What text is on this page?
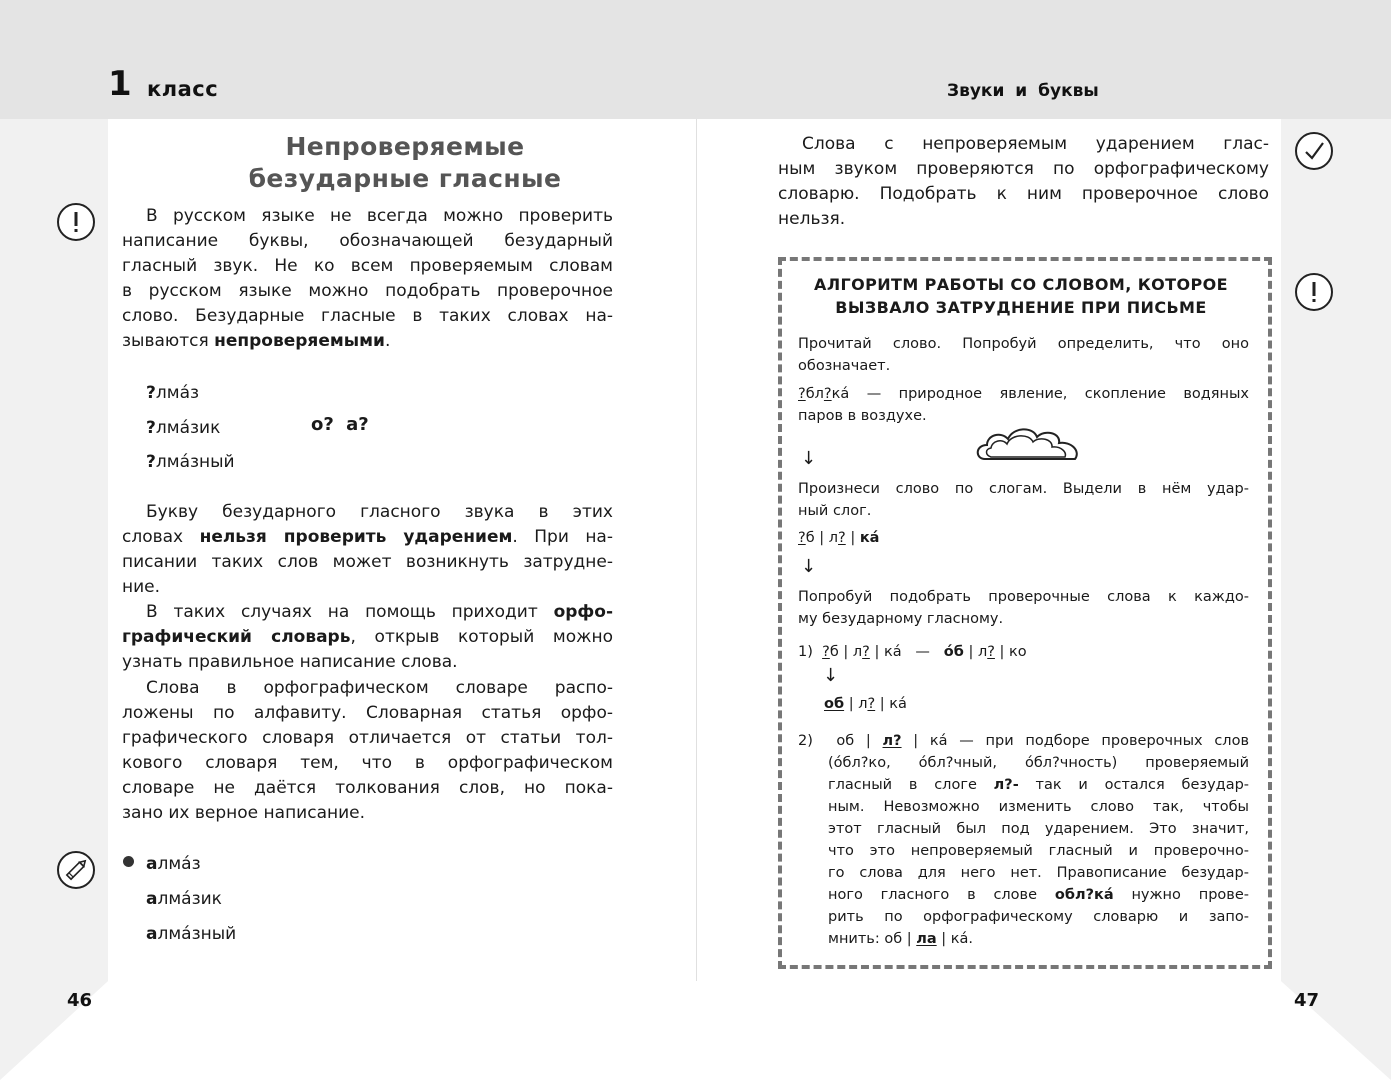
1 класс	Звуки и буквы
46	47
Непроверяемые
безударные гласные
В русском языке не всегда можно проверить
написание буквы, обозначающей безударный
гласный звук. Не ко всем проверяемым словам
в русском языке можно подобрать проверочное
слово. Безударные гласные в таких словах на-
зываются непроверяемыми.
?лмáз
?лмáзик
?лмáзный
о? а?
Букву безударного гласного звука в этих
словах нельзя проверить ударением. При на-
писании таких слов может возникнуть затрудне-
ние.
В таких случаях на помощь приходит орфо-
графический словарь, открыв который можно
узнать правильное написание слова.
Слова в орфографическом словаре распо-
ложены по алфавиту. Словарная статья орфо-
графического словаря отличается от статьи тол-
кового словаря тем, что в орфографическом
словаре не даётся толкования слов, но пока-
зано их верное написание.
алмáз
алмáзик
алмáзный
Слова с непроверяемым ударением глас-
ным звуком проверяются по орфографическому
словарю. Подобрать к ним проверочное слово
нельзя.
АЛГОРИТМ РАБОТЫ СО СЛОВОМ, КОТОРОЕ
ВЫЗВАЛО ЗАТРУДНЕНИЕ ПРИ ПИСЬМЕ
Прочитай слово. Попробуй определить, что оно
обозначает.
?бл?кá — природное явление, скопление водяных
паров в воздухе.
↓
Произнеси слово по слогам. Выдели в нём удар-
ный слог.
?б | л? | кá
↓
Попробуй подобрать проверочные слова к каждо-
му безударному гласному.
1) ?б | л? | кá — óб | л? | ко
↓
об | л? | кá
2) об | л? | кá — при подборе проверочных слов
(óбл?ко, óбл?чный, óбл?чность) проверяемый
гласный в слоге л?- так и остался безудар-
ным. Невозможно изменить слово так, чтобы
этот гласный был под ударением. Это значит,
что это непроверяемый гласный и проверочно-
го слова для него нет. Правописание безудар-
ного гласного в слове обл?кá нужно прове-
рить по орфографическому словарю и запо-
мнить: об | ла | кá.
